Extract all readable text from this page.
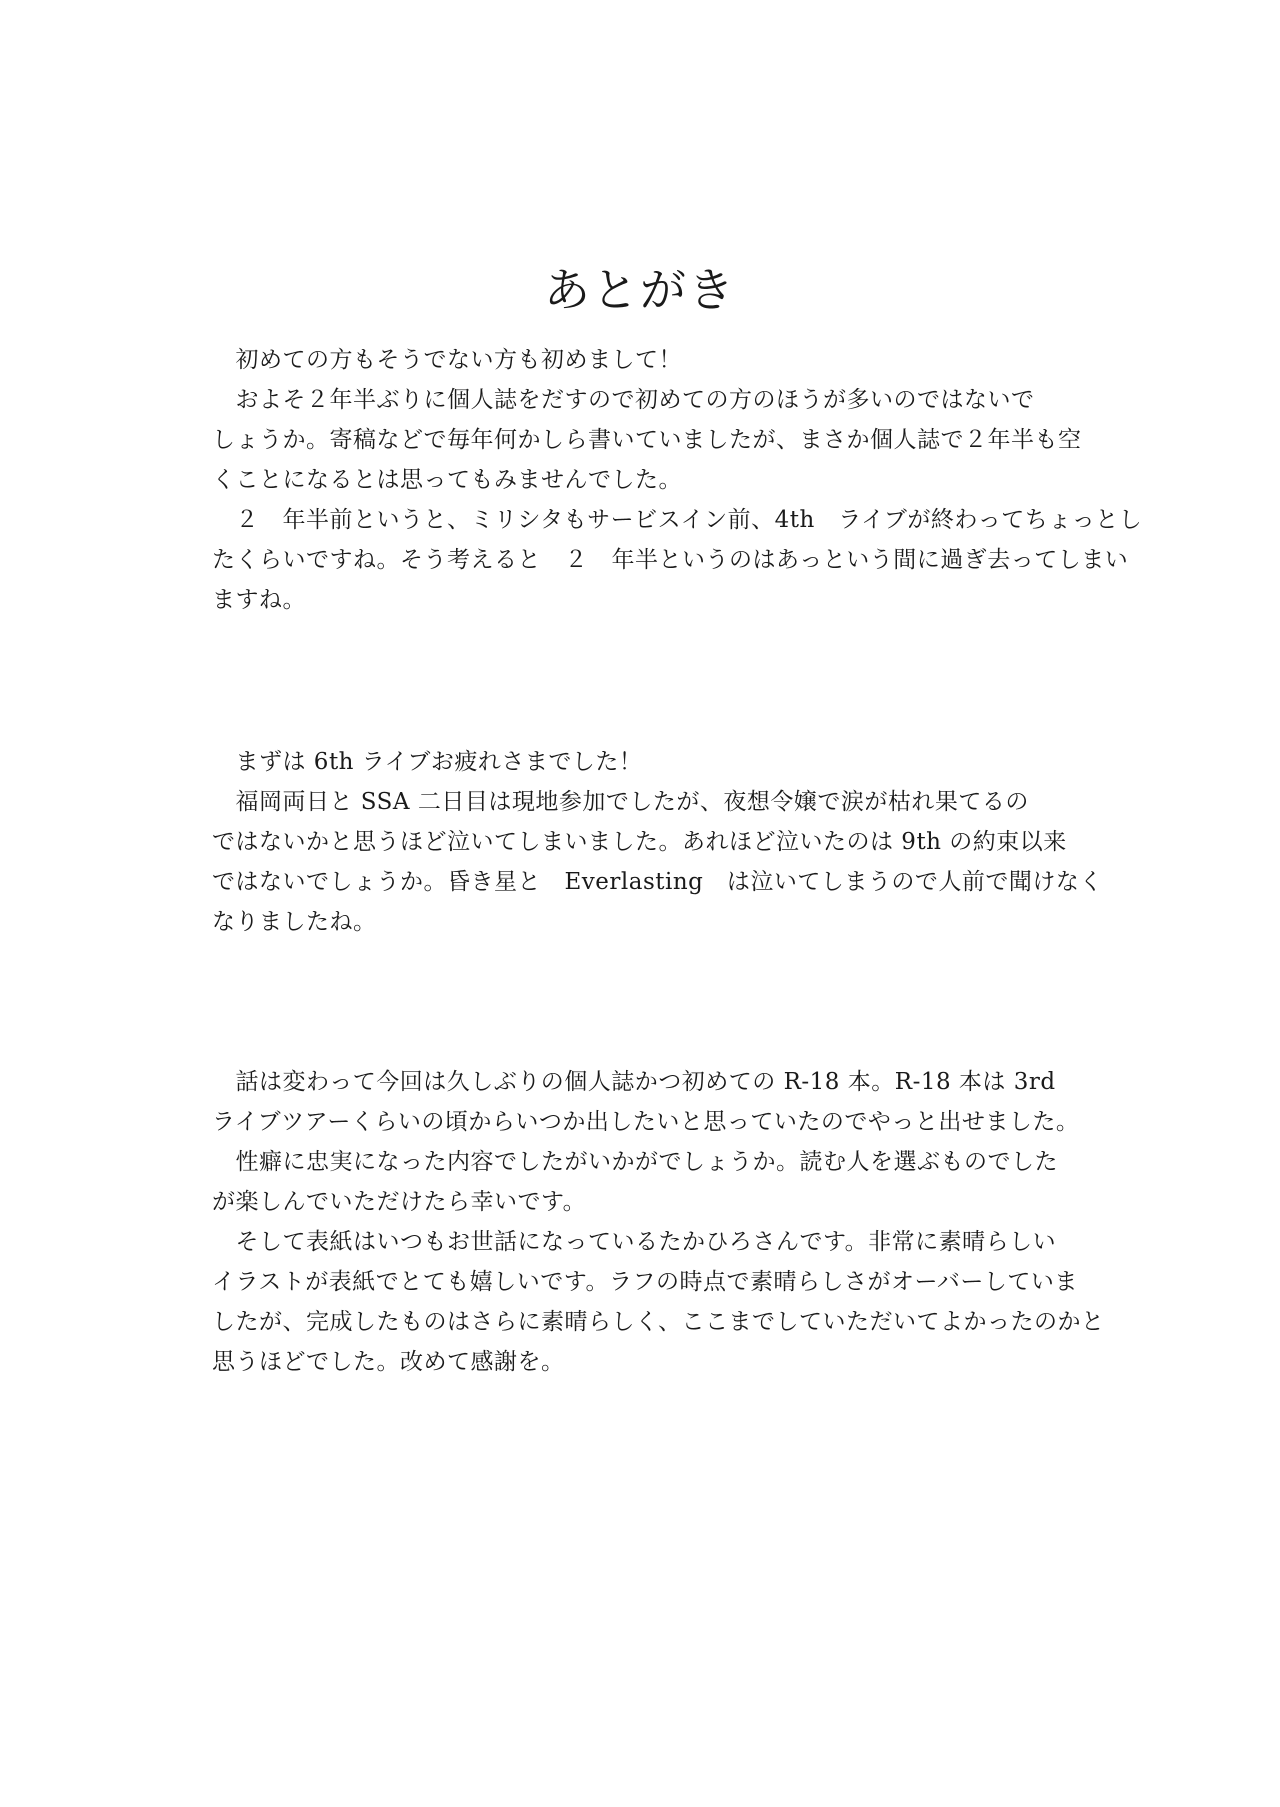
あとがき
　初めての方もそうでない方も初めまして！
　およそ２年半ぶりに個人誌をだすので初めての方のほうが多いのではないで
しょうか。寄稿などで毎年何かしら書いていましたが、まさか個人誌で２年半も空
くことになるとは思ってもみませんでした。
　２　年半前というと、ミリシタもサービスイン前、4th　ライブが終わってちょっとし
たくらいですね。そう考えると　２　年半というのはあっという間に過ぎ去ってしまい
ますね。
　まずは 6th ライブお疲れさまでした！
　福岡両日と SSA 二日目は現地参加でしたが、夜想令嬢で涙が枯れ果てるの
ではないかと思うほど泣いてしまいました。あれほど泣いたのは 9th の約束以来
ではないでしょうか。昏き星と　Everlasting　は泣いてしまうので人前で聞けなく
なりましたね。
　話は変わって今回は久しぶりの個人誌かつ初めての R-18 本。R-18 本は 3rd
ライブツアーくらいの頃からいつか出したいと思っていたのでやっと出せました。
　性癖に忠実になった内容でしたがいかがでしょうか。読む人を選ぶものでした
が楽しんでいただけたら幸いです。
　そして表紙はいつもお世話になっているたかひろさんです。非常に素晴らしい
イラストが表紙でとても嬉しいです。ラフの時点で素晴らしさがオーバーしていま
したが、完成したものはさらに素晴らしく、ここまでしていただいてよかったのかと
思うほどでした。改めて感謝を。
